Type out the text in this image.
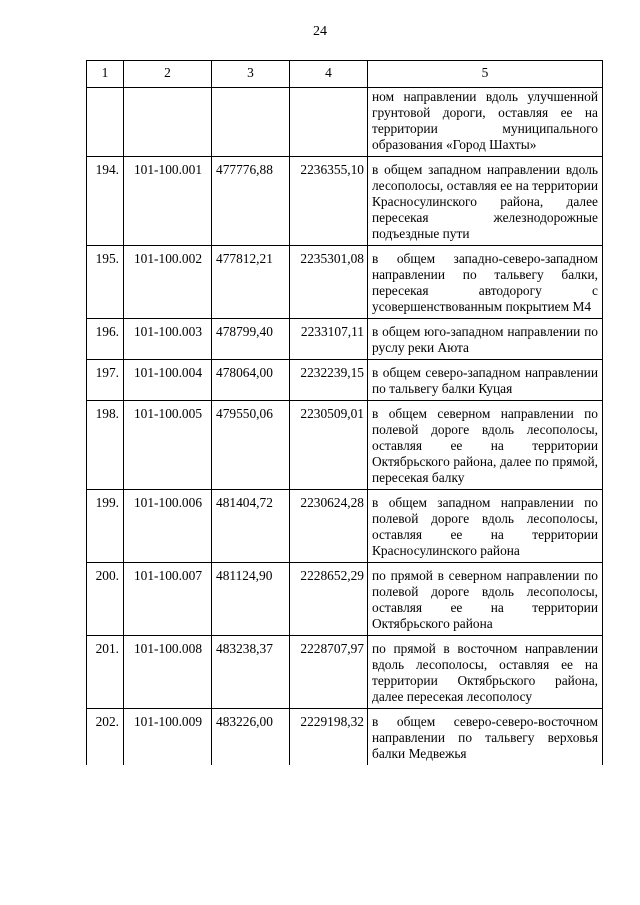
24
1	2	3	4	5
				ном направлении вдоль улучшенной грунтовой дороги, оставляя ее на территории муниципального образования «Город Шахты»
194.	101-100.001	477776,88	2236355,10	в общем западном направлении вдоль лесополосы, оставляя ее на территории Красносулинского района, далее пересекая железнодорожные подъездные пути
195.	101-100.002	477812,21	2235301,08	в общем западно-северо-западном направлении по тальвегу балки, пересекая автодорогу с усовершенствованным покрытием М4
196.	101-100.003	478799,40	2233107,11	в общем юго-западном направлении по руслу реки Аюта
197.	101-100.004	478064,00	2232239,15	в общем северо-западном направлении по тальвегу балки Куцая
198.	101-100.005	479550,06	2230509,01	в общем северном направлении по полевой дороге вдоль лесополосы, оставляя ее на территории Октябрьского района, далее по прямой, пересекая балку
199.	101-100.006	481404,72	2230624,28	в общем западном направлении по полевой дороге вдоль лесополосы, оставляя ее на территории Красносулинского района
200.	101-100.007	481124,90	2228652,29	по прямой в северном направлении по полевой дороге вдоль лесополосы, оставляя ее на территории Октябрьского района
201.	101-100.008	483238,37	2228707,97	по прямой в восточном направлении вдоль лесополосы, оставляя ее на территории Октябрьского района, далее пересекая лесополосу
202.	101-100.009	483226,00	2229198,32	в общем северо-северо-восточном направлении по тальвегу верховья балки Медвежья
